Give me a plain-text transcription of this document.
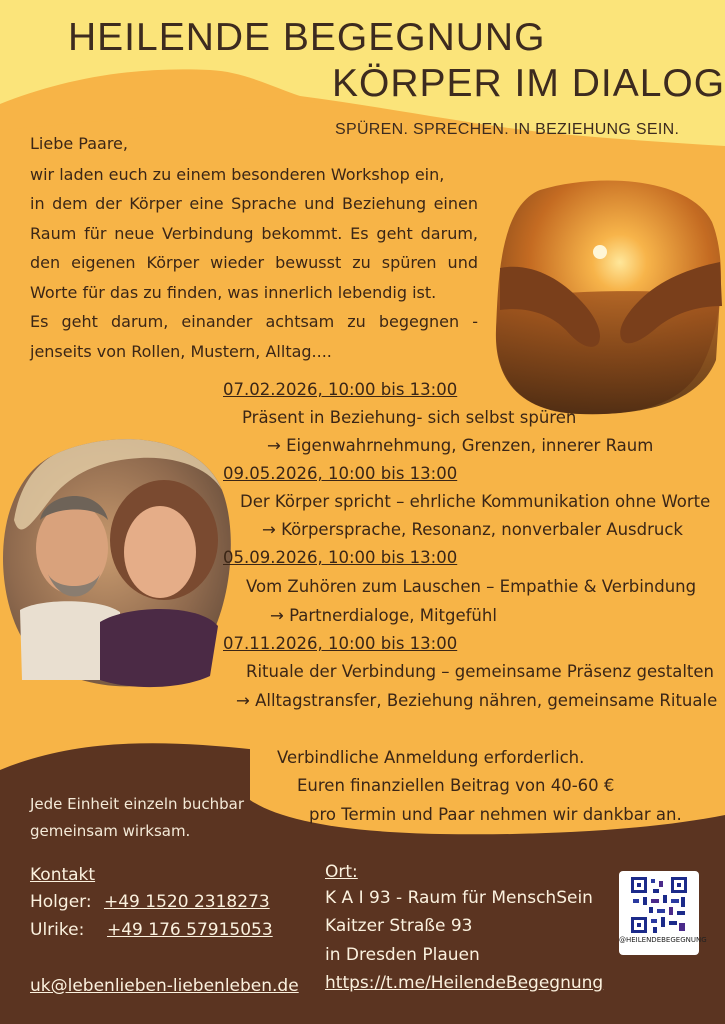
HEILENDE BEGEGNUNG
KÖRPER IM DIALOG
SPÜREN. SPRECHEN. IN BEZIEHUNG SEIN.
Liebe Paare,
wir laden euch zu einem besonderen Workshop ein,
in dem der Körper eine Sprache und Beziehung einen
Raum für neue Verbindung bekommt. Es geht darum,
den eigenen Körper wieder bewusst zu spüren und
Worte für das zu finden, was innerlich lebendig ist.
Es geht darum, einander achtsam zu begegnen -
jenseits von Rollen, Mustern, Alltag....
07.02.2026, 10:00 bis 13:00
Präsent in Beziehung- sich selbst spüren
→ Eigenwahrnehmung, Grenzen, innerer Raum
09.05.2026, 10:00 bis 13:00
Der Körper spricht – ehrliche Kommunikation ohne Worte
→ Körpersprache, Resonanz, nonverbaler Ausdruck
05.09.2026, 10:00 bis 13:00
Vom Zuhören zum Lauschen – Empathie & Verbindung
→ Partnerdialoge, Mitgefühl
07.11.2026, 10:00 bis 13:00
Rituale der Verbindung – gemeinsame Präsenz gestalten
→ Alltagstransfer, Beziehung nähren, gemeinsame Rituale
Verbindliche Anmeldung erforderlich.
Euren finanziellen Beitrag von 40-60 €
pro Termin und Paar nehmen wir dankbar an.
Jede Einheit einzeln buchbar
gemeinsam wirksam.
Kontakt
Holger: +49 1520 2318273
Ulrike: +49 176 57915053
uk@lebenlieben-liebenleben.de
Ort:
K A I 93 - Raum für MenschSein
Kaitzer Straße 93
in Dresden Plauen
https://t.me/HeilendeBegegnung
@HEILENDEBEGEGNUNG
